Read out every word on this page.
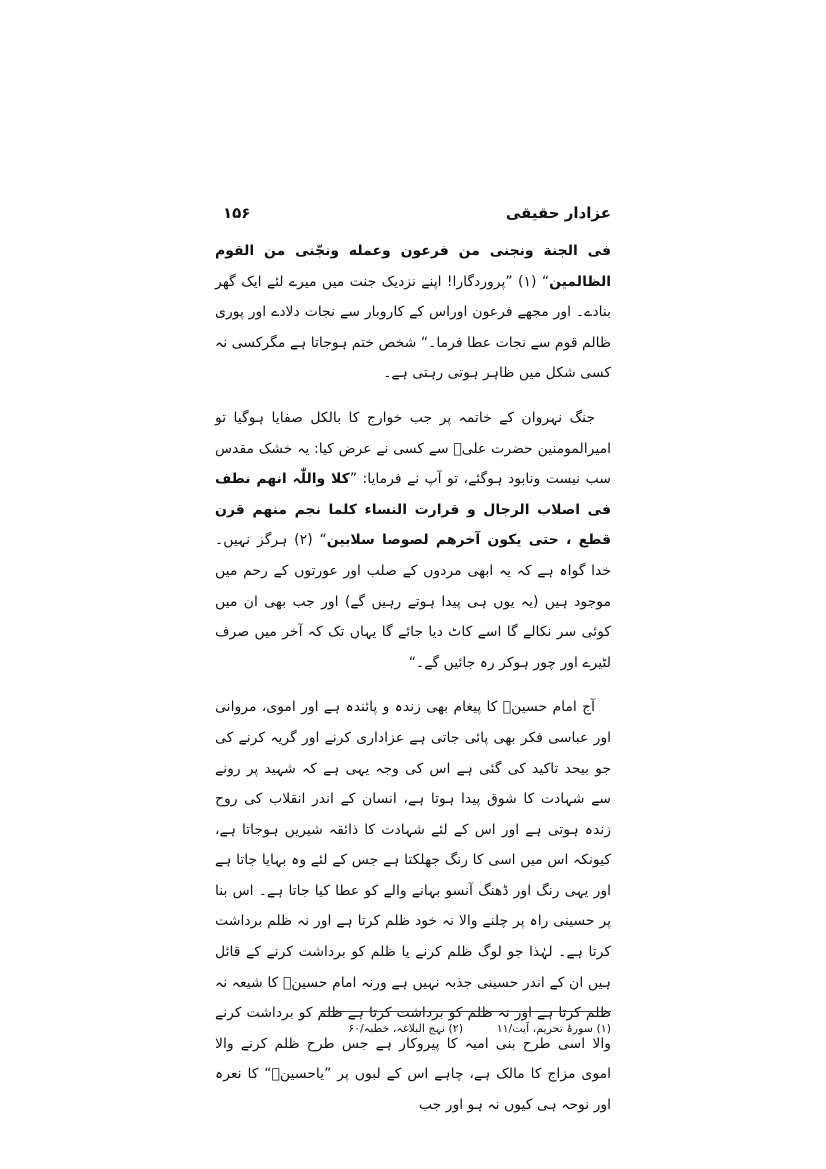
عزادار حقیقی
۱۵۶

فی الجنة ونجنی من فرعون وعمله ونجّنی من القوم الظالمین“ (۱) ”پروردگارا! اپنے نزدیک جنت میں میرے لئے ایک گھر بنادے۔ اور مجھے فرعون اوراس کے کاروبار سے نجات دلادے اور پوری ظالم قوم سے نجات عطا فرما۔“ شخص ختم ہوجاتا ہے مگرکسی نہ کسی شکل میں ظاہر ہوتی رہتی ہے۔

جنگ نہروان کے خاتمہ پر جب خوارج کا بالکل صفایا ہوگیا تو امیرالمومنین حضرت علیؑ سے کسی نے عرض کیا: یہ خشک مقدس سب نیست ونابود ہوگئے، تو آپ نے فرمایا: ”کلا واللّٰہ انھم نطف فی اصلاب الرجال و قرارت النساء کلما نجم منھم قرن قطع ، حتی یکون آخرھم لصوصا سلابین“ (۲) ہرگز نہیں۔ خدا گواہ ہے کہ یہ ابھی مردوں کے صلب اور عورتوں کے رحم میں موجود ہیں (یہ یوں ہی پیدا ہوتے رہیں گے) اور جب بھی ان میں کوئی سر نکالے گا اسے کاٹ دیا جائے گا یہاں تک کہ آخر میں صرف لٹیرے اور چور ہوکر رہ جائیں گے۔“

آج امام حسینؑ کا پیغام بھی زندہ و پائندہ ہے اور اموی، مروانی اور عباسی فکر بھی پائی جاتی ہے عزاداری کرنے اور گریہ کرنے کی جو بیحد تاکید کی گئی ہے اس کی وجہ یہی ہے کہ شہید پر رونے سے شہادت کا شوق پیدا ہوتا ہے، انسان کے اندر انقلاب کی روح زندہ ہوتی ہے اور اس کے لئے شہادت کا ذائقہ شیریں ہوجاتا ہے، کیونکہ اس میں اسی کا رنگ جھلکتا ہے جس کے لئے وہ بہایا جاتا ہے اور یہی رنگ اور ڈھنگ آنسو بہانے والے کو عطا کیا جاتا ہے۔ اس بنا پر حسینی راہ پر چلنے والا نہ خود ظلم کرتا ہے اور نہ ظلم برداشت کرتا ہے۔ لہٰذا جو لوگ ظلم کرنے یا ظلم کو برداشت کرنے کے قائل ہیں ان کے اندر حسینی جذبہ نہیں ہے ورنہ امام حسینؑ کا شیعہ نہ ظلم کرتا ہے اور نہ ظلم کو برداشت کرتا ہے ظلم کو برداشت کرنے والا اسی طرح بنی امیہ کا پیروکار ہے جس طرح ظلم کرنے والا اموی مزاج کا مالک ہے، چاہے اس کے لبوں پر ”یاحسینؑ“ کا نعرہ اور نوحہ ہی کیوں نہ ہو اور جب

(۱) سورۂ تحریم، آیت/۱۱
(۲) نہج البلاغہ، خطبہ/۶۰
